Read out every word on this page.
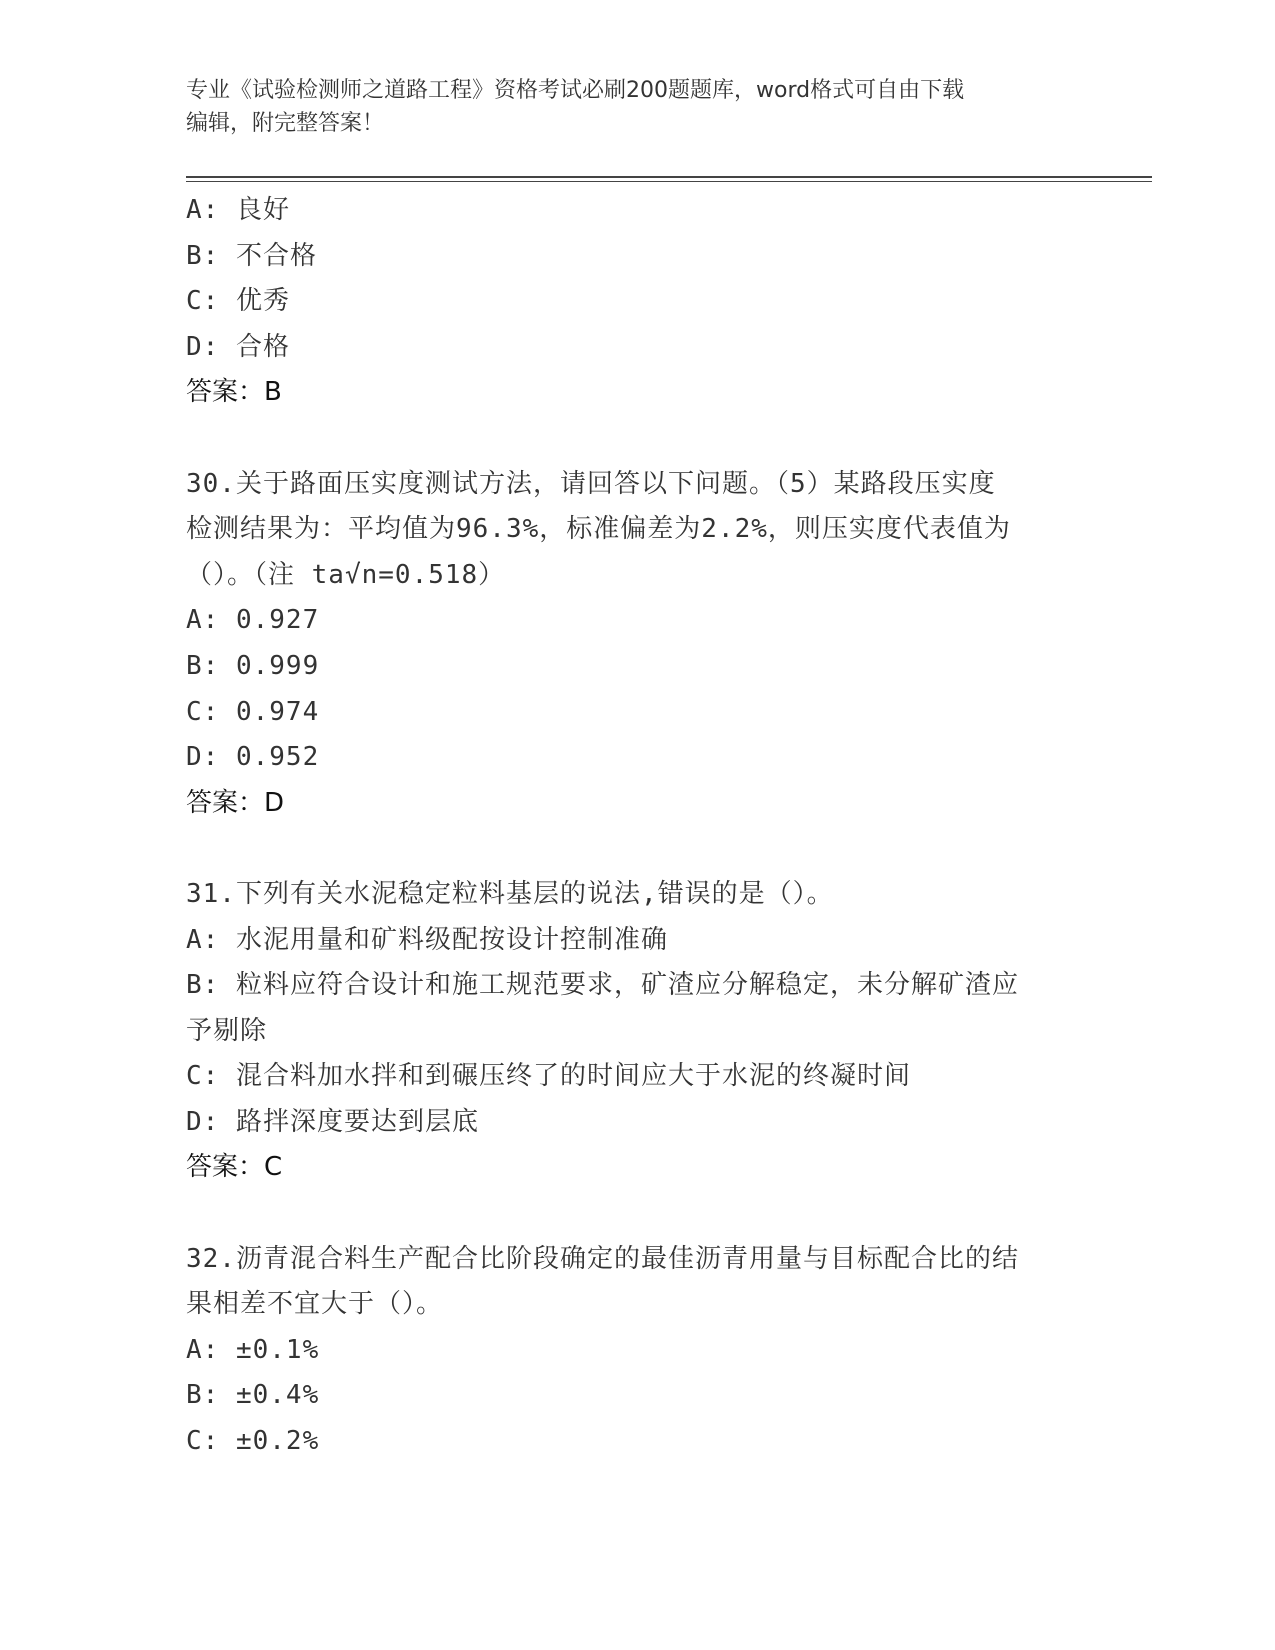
专业《试验检测师之道路工程》资格考试必刷200题题库，word格式可自由下载
编辑，附完整答案！
A: 良好
B: 不合格
C: 优秀
D: 合格
答案：B
30.关于路面压实度测试方法，请回答以下问题。（5）某路段压实度
检测结果为：平均值为96.3%，标准偏差为2.2%，则压实度代表值为
（）。（注 ta√n=0.518）
A: 0.927
B: 0.999
C: 0.974
D: 0.952
答案：D
31.下列有关水泥稳定粒料基层的说法,错误的是（）。
A: 水泥用量和矿料级配按设计控制准确
B: 粒料应符合设计和施工规范要求，矿渣应分解稳定，未分解矿渣应
予剔除
C: 混合料加水拌和到碾压终了的时间应大于水泥的终凝时间
D: 路拌深度要达到层底
答案：C
32.沥青混合料生产配合比阶段确定的最佳沥青用量与目标配合比的结
果相差不宜大于（）。
A: ±0.1%
B: ±0.4%
C: ±0.2%
